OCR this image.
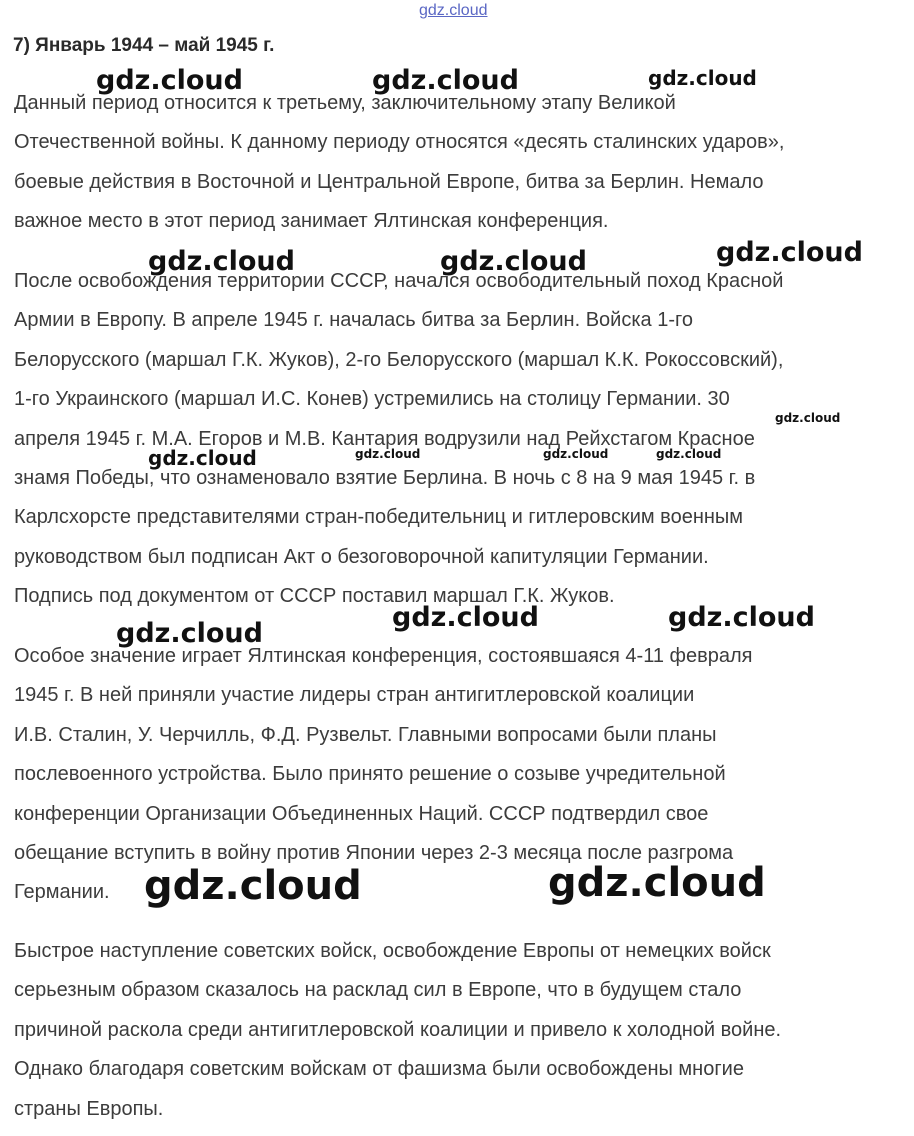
gdz.cloud
7) Январь 1944 – май 1945 г.
Данный период относится к третьему, заключительному этапу Великой
Отечественной войны. К данному периоду относятся «десять сталинских ударов»,
боевые действия в Восточной и Центральной Европе, битва за Берлин. Немало
важное место в этот период занимает Ялтинская конференция.
После освобождения территории СССР, начался освободительный поход Красной
Армии в Европу. В апреле 1945 г. началась битва за Берлин. Войска 1-го
Белорусского (маршал Г.К. Жуков), 2-го Белорусского (маршал К.К. Рокоссовский),
1-го Украинского (маршал И.С. Конев) устремились на столицу Германии. 30
апреля 1945 г. М.А. Егоров и М.В. Кантария водрузили над Рейхстагом Красное
знамя Победы, что ознаменовало взятие Берлина. В ночь с 8 на 9 мая 1945 г. в
Карлсхорсте представителями стран-победительниц и гитлеровским военным
руководством был подписан Акт о безоговорочной капитуляции Германии.
Подпись под документом от СССР поставил маршал Г.К. Жуков.
Особое значение играет Ялтинская конференция, состоявшаяся 4-11 февраля
1945 г. В ней приняли участие лидеры стран антигитлеровской коалиции
И.В. Сталин, У. Черчилль, Ф.Д. Рузвельт. Главными вопросами были планы
послевоенного устройства. Было принято решение о созыве учредительной
конференции Организации Объединенных Наций. СССР подтвердил свое
обещание вступить в войну против Японии через 2-3 месяца после разгрома
Германии.
Быстрое наступление советских войск, освобождение Европы от немецких войск
серьезным образом сказалось на расклад сил в Европе, что в будущем стало
причиной раскола среди антигитлеровской коалиции и привело к холодной войне.
Однако благодаря советским войскам от фашизма были освобождены многие
страны Европы.
gdz.cloud	gdz.cloud	gdz.cloud
gdz.cloud	gdz.cloud	gdz.cloud
gdz.cloud
gdz.cloud	gdz.cloud	gdz.cloud	gdz.cloud
gdz.cloud
gdz.cloud	gdz.cloud
gdz.cloud	gdz.cloud
